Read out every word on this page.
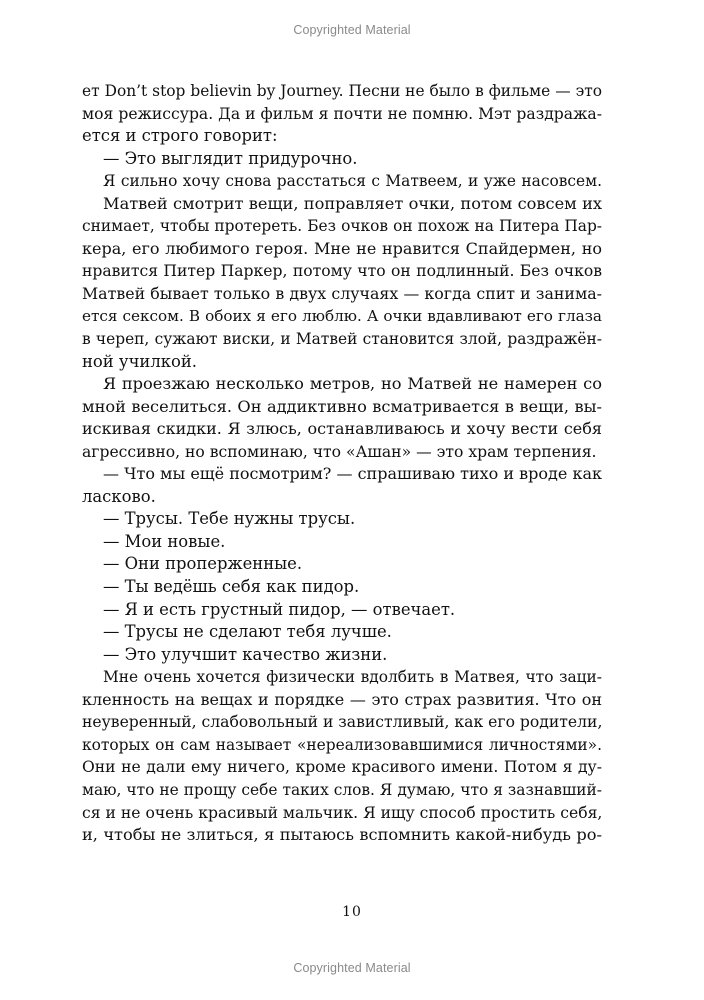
Copyrighted Material
ет Don’t stop believin by Journey. Песни не было в фильме — это
моя режиссура. Да и фильм я почти не помню. Мэт раздража-
ется и строго говорит:
— Это выглядит придурочно.
Я сильно хочу снова расстаться с Матвеем, и уже насовсем.
Матвей смотрит вещи, поправляет очки, потом совсем их
снимает, чтобы протереть. Без очков он похож на Питера Пар-
кера, его любимого героя. Мне не нравится Спайдермен, но
нравится Питер Паркер, потому что он подлинный. Без очков
Матвей бывает только в двух случаях — когда спит и занима-
ется сексом. В обоих я его люблю. А очки вдавливают его глаза
в череп, сужают виски, и Матвей становится злой, раздражён-
ной училкой.
Я проезжаю несколько метров, но Матвей не намерен со
мной веселиться. Он аддиктивно всматривается в вещи, вы-
искивая скидки. Я злюсь, останавливаюсь и хочу вести себя
агрессивно, но вспоминаю, что «Ашан» — это храм терпения.
— Что мы ещё посмотрим? — спрашиваю тихо и вроде как
ласково.
— Трусы. Тебе нужны трусы.
— Мои новые.
— Они проперженные.
— Ты ведёшь себя как пидор.
— Я и есть грустный пидор, — отвечает.
— Трусы не сделают тебя лучше.
— Это улучшит качество жизни.
Мне очень хочется физически вдолбить в Матвея, что заци-
кленность на вещах и порядке — это страх развития. Что он
неуверенный, слабовольный и завистливый, как его родители,
которых он сам называет «нереализовавшимися личностями».
Они не дали ему ничего, кроме красивого имени. Потом я ду-
маю, что не прощу себе таких слов. Я думаю, что я зазнавший-
ся и не очень красивый мальчик. Я ищу способ простить себя,
и, чтобы не злиться, я пытаюсь вспомнить какой-нибудь ро-
10
Copyrighted Material
